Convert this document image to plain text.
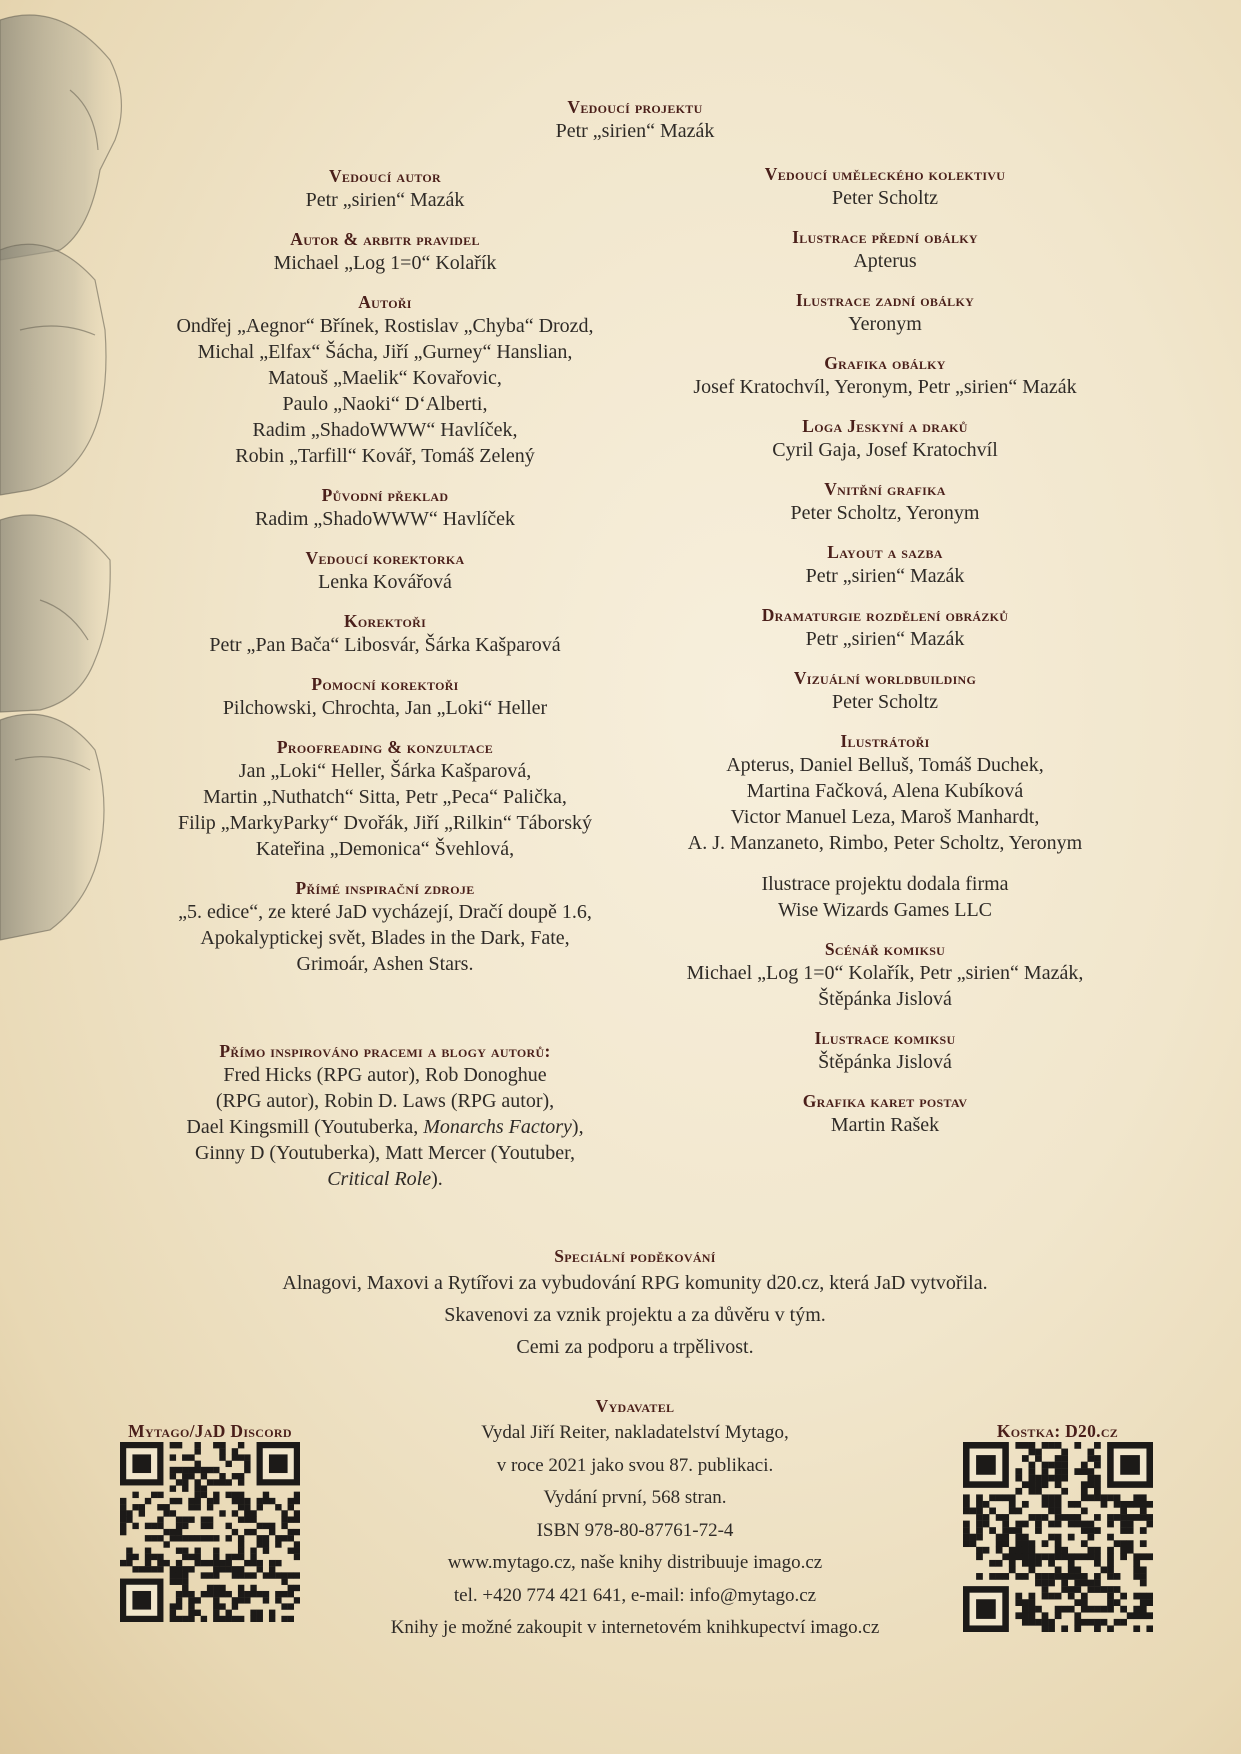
Vedoucí projektu
Petr „sirien“ Mazák
Vedoucí autor
Petr „sirien“ Mazák
Autor & arbitr pravidel
Michael „Log 1=0“ Kolařík
Autoři
Ondřej „Aegnor“ Břínek, Rostislav „Chyba“ Drozd,
Michal „Elfax“ Šácha, Jiří „Gurney“ Hanslian,
Matouš „Maelik“ Kovařovic,
Paulo „Naoki“ D‘Alberti,
Radim „ShadoWWW“ Havlíček,
Robin „Tarfill“ Kovář, Tomáš Zelený
Původní překlad
Radim „ShadoWWW“ Havlíček
Vedoucí korektorka
Lenka Kovářová
Korektoři
Petr „Pan Bača“ Libosvár, Šárka Kašparová
Pomocní korektoři
Pilchowski, Chrochta, Jan „Loki“ Heller
Proofreading & konzultace
Jan „Loki“ Heller, Šárka Kašparová,
Martin „Nuthatch“ Sitta, Petr „Peca“ Palička,
Filip „MarkyParky“ Dvořák, Jiří „Rilkin“ Táborský
Kateřina „Demonica“ Švehlová,
Přímé inspirační zdroje
„5. edice“, ze které JaD vycházejí, Dračí doupě 1.6,
Apokalyptickej svět, Blades in the Dark, Fate,
Grimoár, Ashen Stars.
Přímo inspirováno pracemi a blogy autorů:
Fred Hicks (RPG autor), Rob Donoghue
(RPG autor), Robin D. Laws (RPG autor),
Dael Kingsmill (Youtuberka, Monarchs Factory),
Ginny D (Youtuberka), Matt Mercer (Youtuber,
Critical Role).
Vedoucí uměleckého kolektivu
Peter Scholtz
Ilustrace přední obálky
Apterus
Ilustrace zadní obálky
Yeronym
Grafika obálky
Josef Kratochvíl, Yeronym, Petr „sirien“ Mazák
Loga Jeskyní a draků
Cyril Gaja, Josef Kratochvíl
Vnitřní grafika
Peter Scholtz, Yeronym
Layout a sazba
Petr „sirien“ Mazák
Dramaturgie rozdělení obrázků
Petr „sirien“ Mazák
Vizuální worldbuilding
Peter Scholtz
Ilustrátoři
Apterus, Daniel Belluš, Tomáš Duchek,
Martina Fačková, Alena Kubíková
Victor Manuel Leza, Maroš Manhardt,
A. J. Manzaneto, Rimbo, Peter Scholtz, Yeronym
Ilustrace projektu dodala firma
Wise Wizards Games LLC
Scénář komiksu
Michael „Log 1=0“ Kolařík, Petr „sirien“ Mazák,
Štěpánka Jislová
Ilustrace komiksu
Štěpánka Jislová
Grafika karet postav
Martin Rašek
Speciální poděkování
Alnagovi, Maxovi a Rytířovi za vybudování RPG komunity d20.cz, která JaD vytvořila.
Skavenovi za vznik projektu a za důvěru v tým.
Cemi za podporu a trpělivost.
Vydavatel
Vydal Jiří Reiter, nakladatelství Mytago,
v roce 2021 jako svou 87. publikaci.
Vydání první, 568 stran.
ISBN 978-80-87761-72-4
www.mytago.cz, naše knihy distribuuje imago.cz
tel. +420 774 421 641, e-mail: info@mytago.cz
Knihy je možné zakoupit v internetovém knihkupectví imago.cz
Mytago/JaD Discord	Kostka: D20.cz
